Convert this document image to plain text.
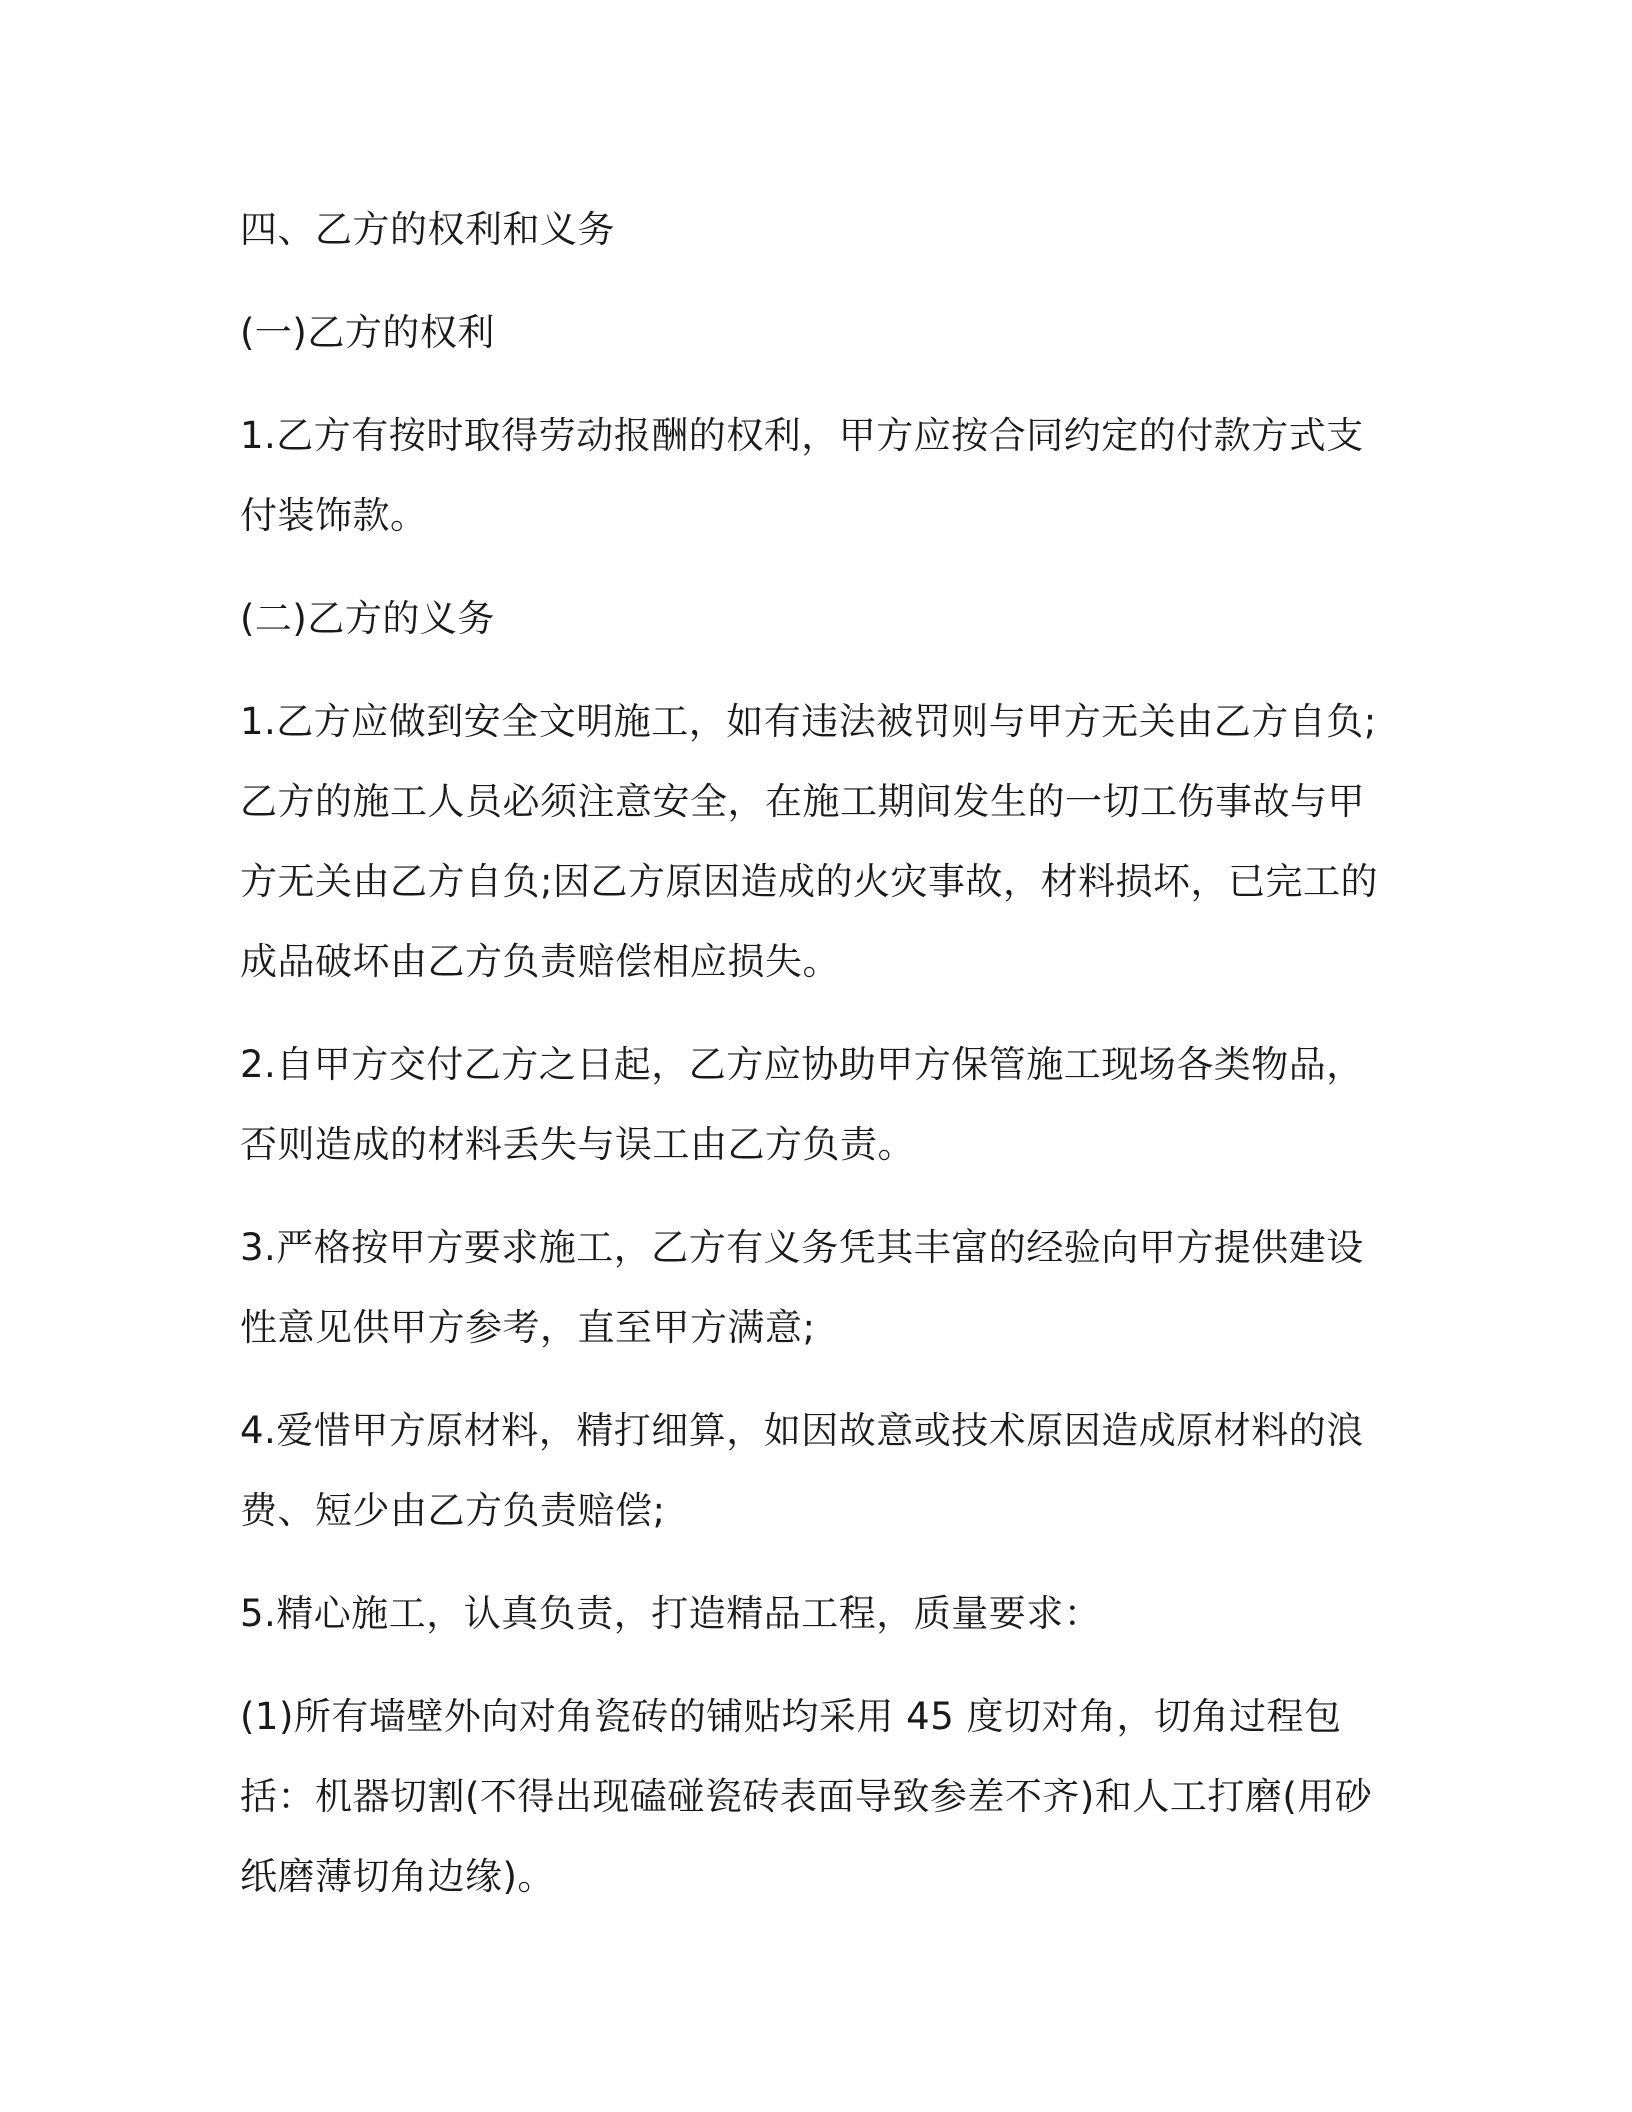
四、乙方的权利和义务

(一)乙方的权利

1.乙方有按时取得劳动报酬的权利，甲方应按合同约定的付款方式支付装饰款。

(二)乙方的义务

1.乙方应做到安全文明施工，如有违法被罚则与甲方无关由乙方自负;乙方的施工人员必须注意安全，在施工期间发生的一切工伤事故与甲方无关由乙方自负;因乙方原因造成的火灾事故，材料损坏，已完工的成品破坏由乙方负责赔偿相应损失。

2.自甲方交付乙方之日起，乙方应协助甲方保管施工现场各类物品，否则造成的材料丢失与误工由乙方负责。

3.严格按甲方要求施工，乙方有义务凭其丰富的经验向甲方提供建设性意见供甲方参考，直至甲方满意;

4.爱惜甲方原材料，精打细算，如因故意或技术原因造成原材料的浪费、短少由乙方负责赔偿;

5.精心施工，认真负责，打造精品工程，质量要求：

(1)所有墙壁外向对角瓷砖的铺贴均采用 45 度切对角，切角过程包括：机器切割(不得出现磕碰瓷砖表面导致参差不齐)和人工打磨(用砂纸磨薄切角边缘)。
